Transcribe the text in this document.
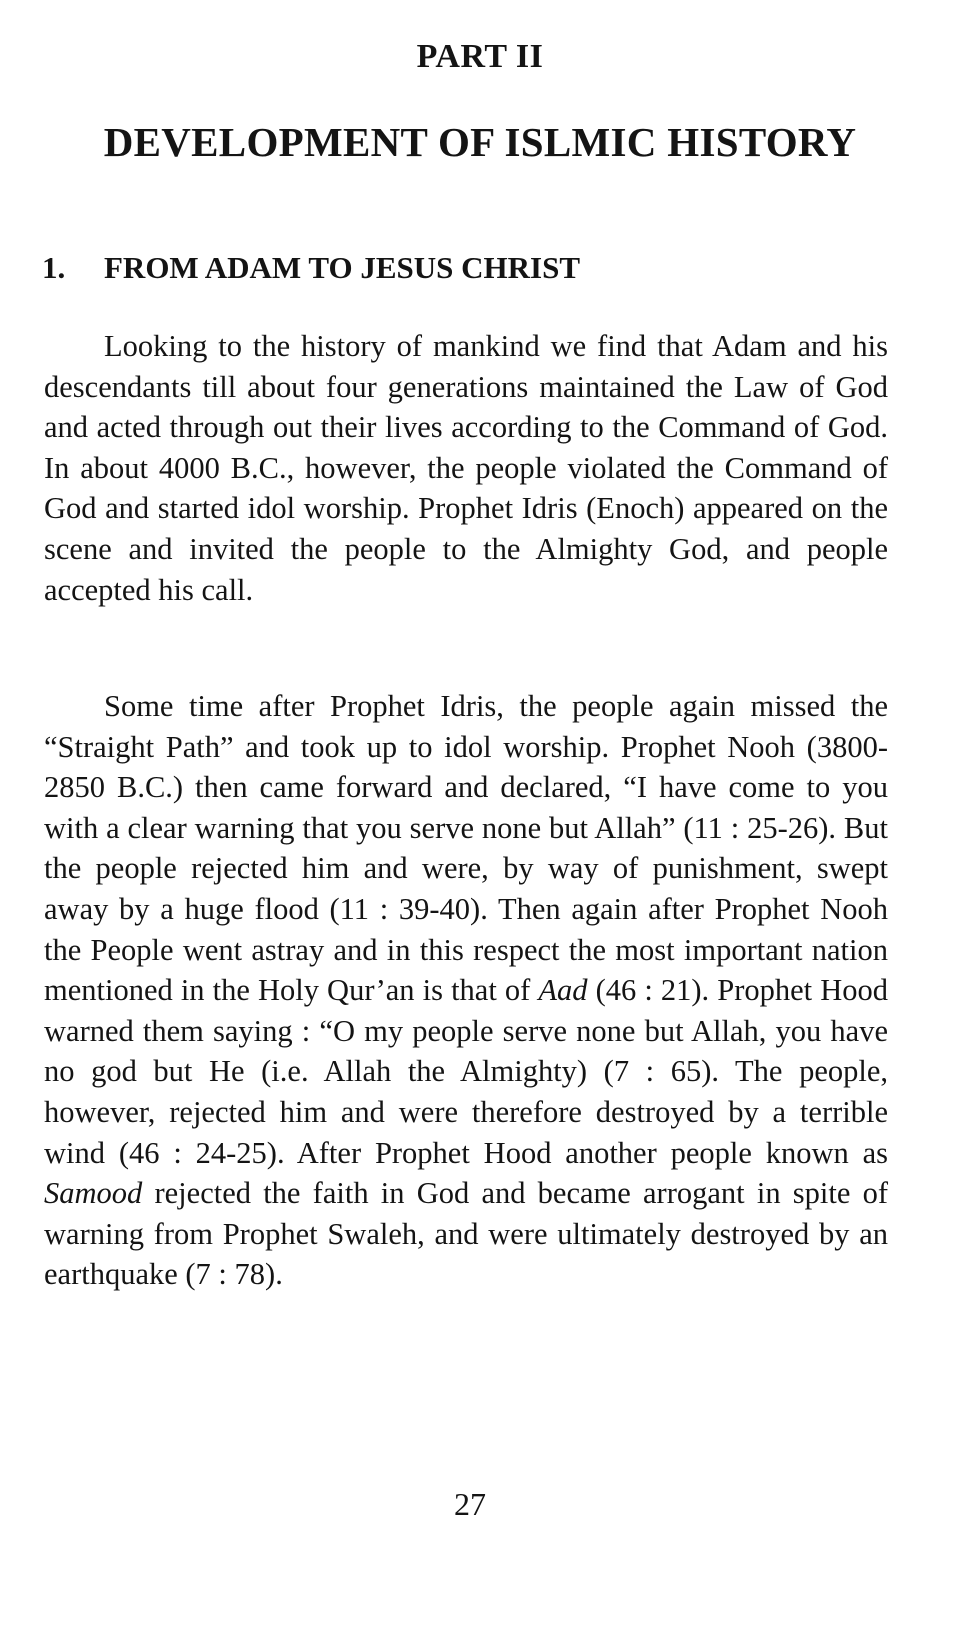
PART II
DEVELOPMENT OF ISLMIC HISTORY
1. FROM ADAM TO JESUS CHRIST

Looking to the history of mankind we find that Adam and his descendants till about four generations maintained the Law of God and acted through out their lives according to the Command of God. In about 4000 B.C., however, the people violated the Command of God and started idol worship. Prophet Idris (Enoch) appeared on the scene and invited the people to the Almighty God, and people accepted his call.

Some time after Prophet Idris, the people again missed the “Straight Path” and took up to idol worship. Prophet Nooh (3800-2850 B.C.) then came forward and declared, “I have come to you with a clear warning that you serve none but Allah” (11 : 25-26). But the people rejected him and were, by way of punishment, swept away by a huge flood (11 : 39-40). Then again after Prophet Nooh the People went astray and in this respect the most important nation mentioned in the Holy Qur’an is that of Aad (46 : 21). Prophet Hood warned them saying : “O my people serve none but Allah, you have no god but He (i.e. Allah the Almighty) (7 : 65). The people, however, rejected him and were therefore destroyed by a terrible wind (46 : 24-25). After Prophet Hood another people known as Samood rejected the faith in God and became arrogant in spite of warning from Prophet Swaleh, and were ultimately destroyed by an earthquake (7 : 78).

27
